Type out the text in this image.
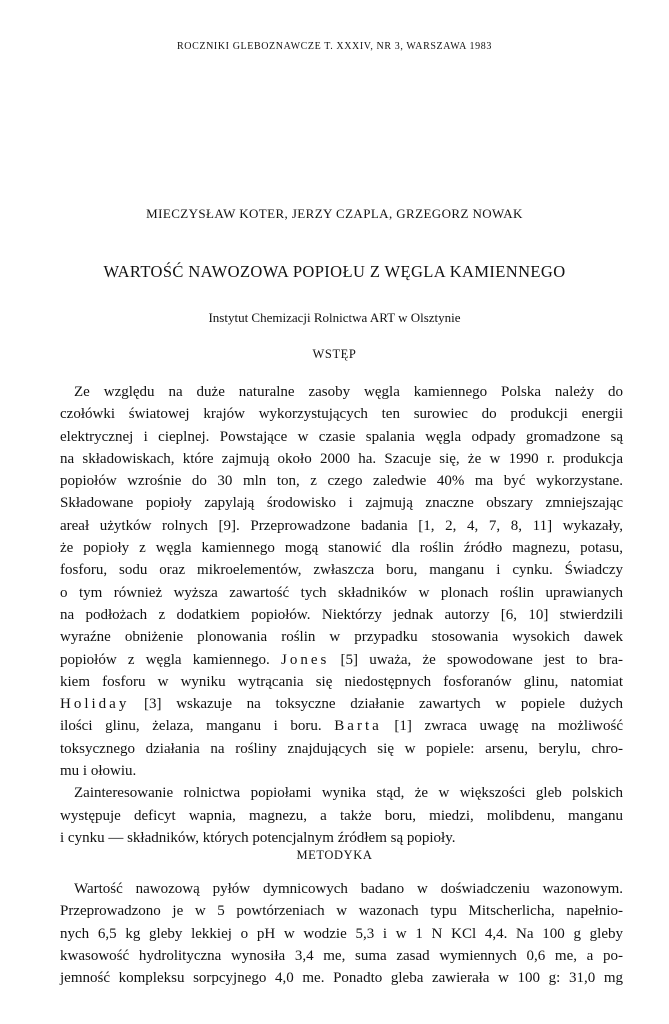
ROCZNIKI GLEBOZNAWCZE T. XXXIV, NR 3, WARSZAWA 1983
MIECZYSŁAW KOTER, JERZY CZAPLA, GRZEGORZ NOWAK
WARTOŚĆ NAWOZOWA POPIOŁU Z WĘGLA KAMIENNEGO
Instytut Chemizacji Rolnictwa ART w Olsztynie
WSTĘP
Ze względu na duże naturalne zasoby węgla kamiennego Polska należy do
czołówki światowej krajów wykorzystujących ten surowiec do produkcji energii
elektrycznej i cieplnej. Powstające w czasie spalania węgla odpady gromadzone są
na składowiskach, które zajmują około 2000 ha. Szacuje się, że w 1990 r. produkcja
popiołów wzrośnie do 30 mln ton, z czego zaledwie 40% ma być wykorzystane.
Składowane popioły zapylają środowisko i zajmują znaczne obszary zmniejszając
areał użytków rolnych [9]. Przeprowadzone badania [1, 2, 4, 7, 8, 11] wykazały,
że popioły z węgla kamiennego mogą stanowić dla roślin źródło magnezu, potasu,
fosforu, sodu oraz mikroelementów, zwłaszcza boru, manganu i cynku. Świadczy
o tym również wyższa zawartość tych składników w plonach roślin uprawianych
na podłożach z dodatkiem popiołów. Niektórzy jednak autorzy [6, 10] stwierdzili
wyraźne obniżenie plonowania roślin w przypadku stosowania wysokich dawek
popiołów z węgla kamiennego. Jones [5] uważa, że spowodowane jest to bra-
kiem fosforu w wyniku wytrącania się niedostępnych fosforanów glinu, natomiat
Holiday [3] wskazuje na toksyczne działanie zawartych w popiele dużych
ilości glinu, żelaza, manganu i boru. Barta [1] zwraca uwagę na możliwość
toksycznego działania na rośliny znajdujących się w popiele: arsenu, berylu, chro-
mu i ołowiu.
Zainteresowanie rolnictwa popiołami wynika stąd, że w większości gleb polskich
występuje deficyt wapnia, magnezu, a także boru, miedzi, molibdenu, manganu
i cynku — składników, których potencjalnym źródłem są popioły.
METODYKA
Wartość nawozową pyłów dymnicowych badano w doświadczeniu wazonowym.
Przeprowadzono je w 5 powtórzeniach w wazonach typu Mitscherlicha, napełnio-
nych 6,5 kg gleby lekkiej o pH w wodzie 5,3 i w 1 N KCl 4,4. Na 100 g gleby
kwasowość hydrolityczna wynosiła 3,4 me, suma zasad wymiennych 0,6 me, a po-
jemność kompleksu sorpcyjnego 4,0 me. Ponadto gleba zawierała w 100 g: 31,0 mg
